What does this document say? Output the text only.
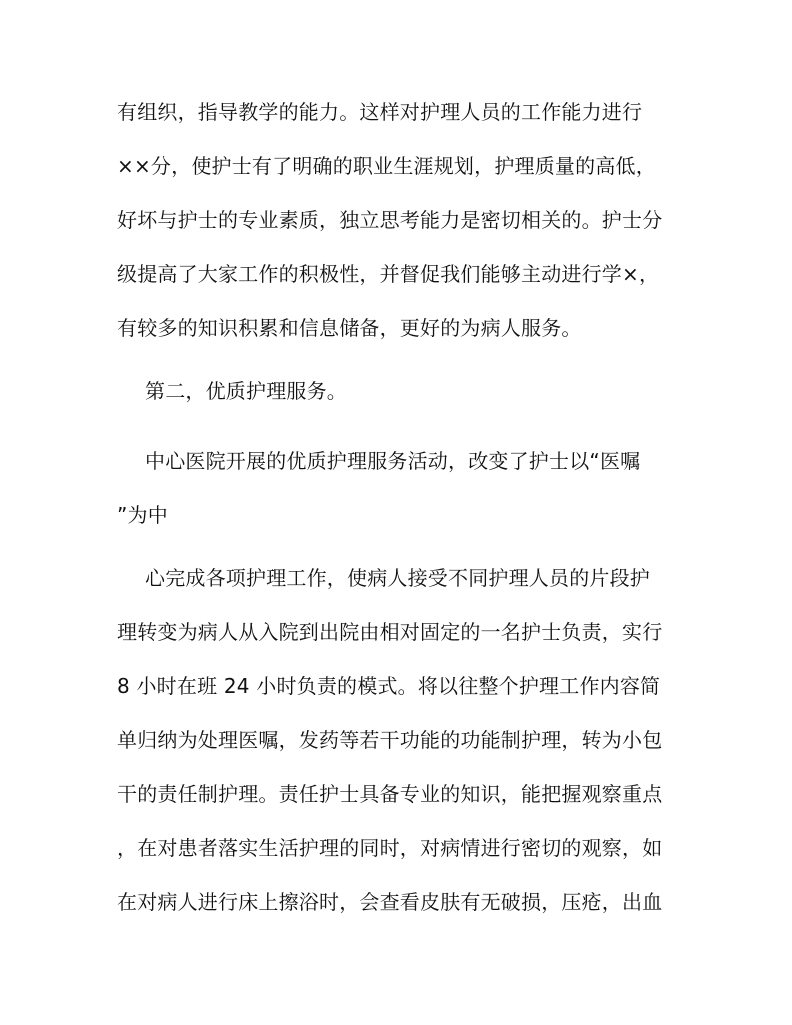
有组织，指导教学的能力。这样对护理人员的工作能力进行
××分，使护士有了明确的职业生涯规划，护理质量的高低，
好坏与护士的专业素质，独立思考能力是密切相关的。护士分
级提高了大家工作的积极性，并督促我们能够主动进行学×，
有较多的知识积累和信息储备，更好的为病人服务。
第二，优质护理服务。
中心医院开展的优质护理服务活动，改变了护士以“医嘱
”为中
心完成各项护理工作，使病人接受不同护理人员的片段护
理转变为病人从入院到出院由相对固定的一名护士负责，实行
8 小时在班 24 小时负责的模式。将以往整个护理工作内容简
单归纳为处理医嘱，发药等若干功能的功能制护理，转为小包
干的责任制护理。责任护士具备专业的知识，能把握观察重点
，在对患者落实生活护理的同时，对病情进行密切的观察，如
在对病人进行床上擦浴时，会查看皮肤有无破损，压疮，出血
